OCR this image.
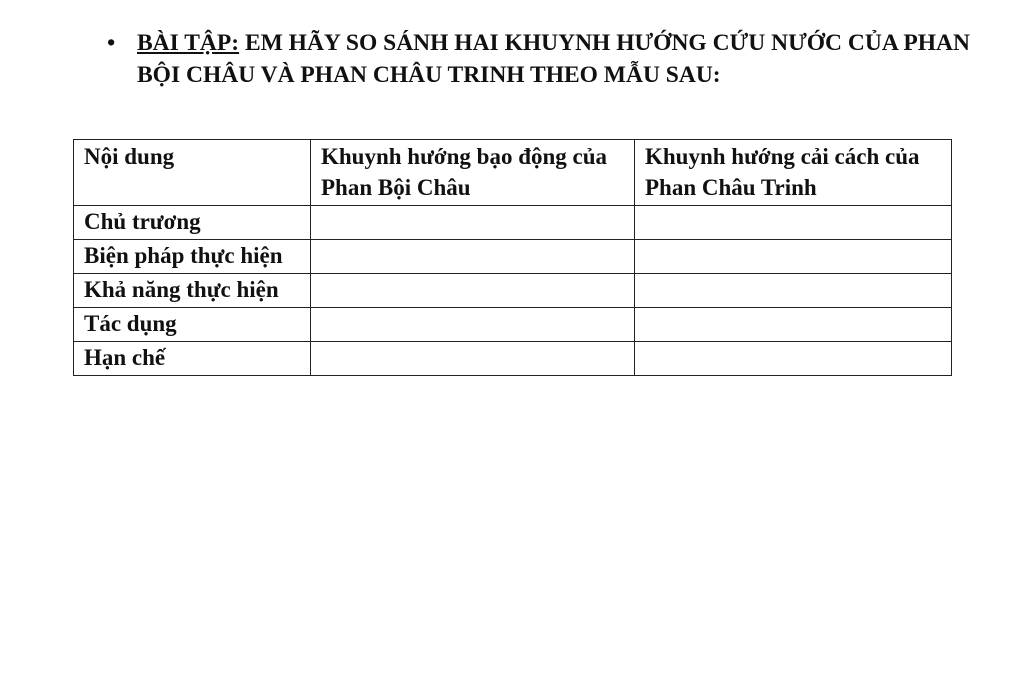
• BÀI TẬP: EM HÃY SO SÁNH HAI KHUYNH HƯỚNG CỨU NƯỚC CỦA PHAN BỘI CHÂU VÀ PHAN CHÂU TRINH THEO MẪU SAU:
Nội dung	Khuynh hướng bạo động của Phan Bội Châu	Khuynh hướng cải cách của Phan Châu Trinh
Chủ trương		
Biện pháp thực hiện		
Khả năng thực hiện		
Tác dụng		
Hạn chế		
